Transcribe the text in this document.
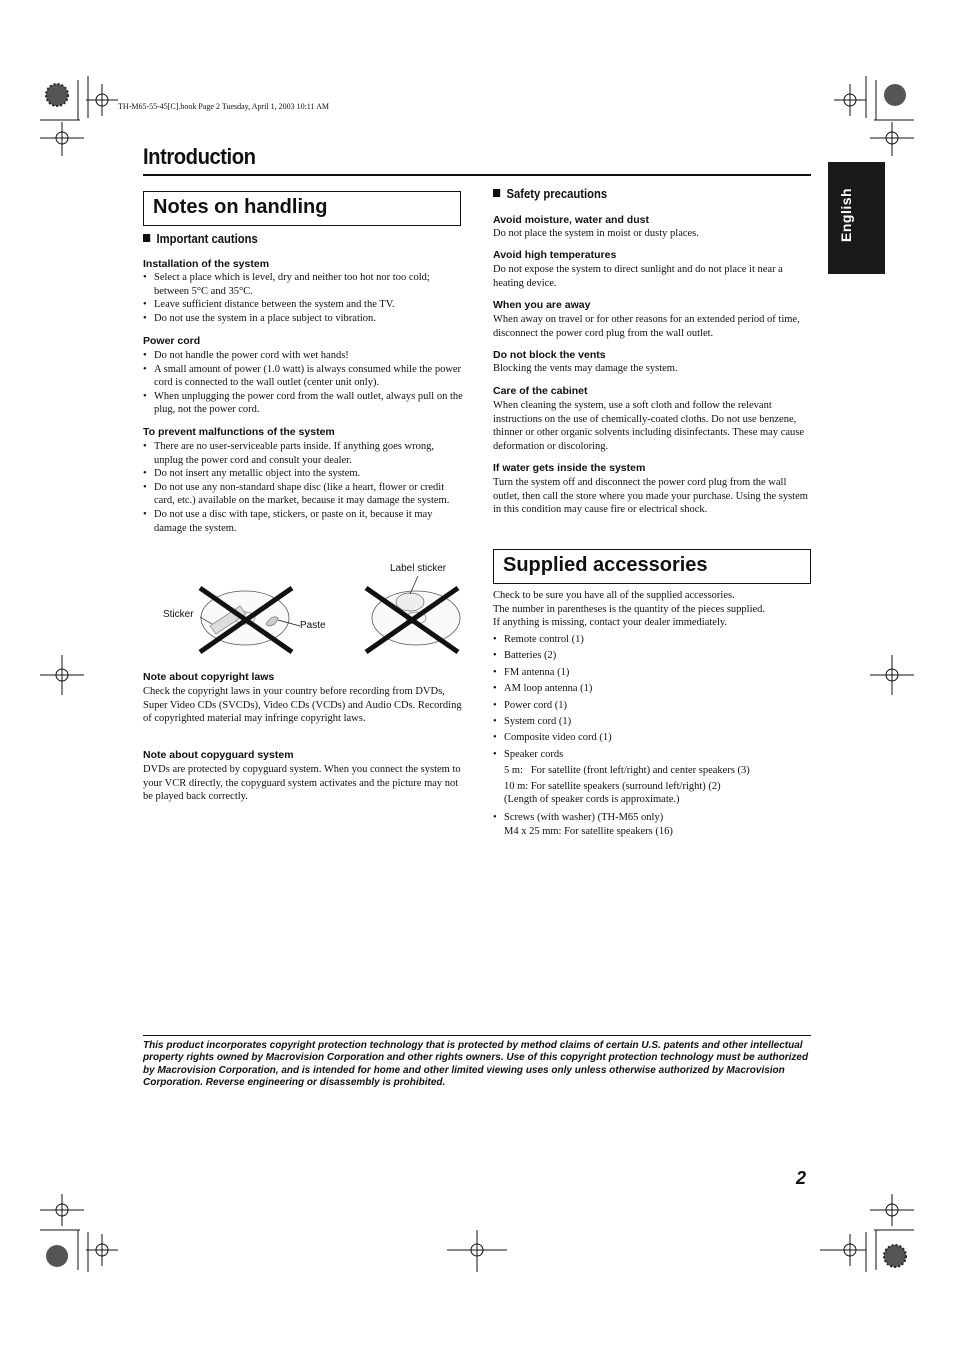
TH-M65-55-45[C].book Page 2 Tuesday, April 1, 2003 10:11 AM
Introduction
English
Notes on handling
Important cautions
Installation of the system
• Select a place which is level, dry and neither too hot nor too cold; between 5°C and 35°C.
• Leave sufficient distance between the system and the TV.
• Do not use the system in a place subject to vibration.
Power cord
• Do not handle the power cord with wet hands!
• A small amount of power (1.0 watt) is always consumed while the power cord is connected to the wall outlet (center unit only).
• When unplugging the power cord from the wall outlet, always pull on the plug, not the power cord.
To prevent malfunctions of the system
• There are no user-serviceable parts inside. If anything goes wrong, unplug the power cord and consult your dealer.
• Do not insert any metallic object into the system.
• Do not use any non-standard shape disc (like a heart, flower or credit card, etc.) available on the market, because it may damage the system.
• Do not use a disc with tape, stickers, or paste on it, because it may damage the system.
Sticker
Paste
Label sticker
Note about copyright laws
Check the copyright laws in your country before recording from DVDs, Super Video CDs (SVCDs), Video CDs (VCDs) and Audio CDs. Recording of copyrighted material may infringe copyright laws.
Note about copyguard system
DVDs are protected by copyguard system. When you connect the system to your VCR directly, the copyguard system activates and the picture may not be played back correctly.
Safety precautions
Avoid moisture, water and dust
Do not place the system in moist or dusty places.
Avoid high temperatures
Do not expose the system to direct sunlight and do not place it near a heating device.
When you are away
When away on travel or for other reasons for an extended period of time, disconnect the power cord plug from the wall outlet.
Do not block the vents
Blocking the vents may damage the system.
Care of the cabinet
When cleaning the system, use a soft cloth and follow the relevant instructions on the use of chemically-coated cloths. Do not use benzene, thinner or other organic solvents including disinfectants. These may cause deformation or discoloring.
If water gets inside the system
Turn the system off and disconnect the power cord plug from the wall outlet, then call the store where you made your purchase. Using the system in this condition may cause fire or electrical shock.
Supplied accessories
Check to be sure you have all of the supplied accessories.
The number in parentheses is the quantity of the pieces supplied.
If anything is missing, contact your dealer immediately.
• Remote control (1)
• Batteries (2)
• FM antenna (1)
• AM loop antenna (1)
• Power cord (1)
• System cord (1)
• Composite video cord (1)
• Speaker cords
5 m:   For satellite (front left/right) and center speakers (3)
10 m: For satellite speakers (surround left/right) (2)
(Length of speaker cords is approximate.)
• Screws (with washer) (TH-M65 only)
M4 x 25 mm: For satellite speakers (16)
This product incorporates copyright protection technology that is protected by method claims of certain U.S. patents and other intellectual property rights owned by Macrovision Corporation and other rights owners. Use of this copyright protection technology must be authorized by Macrovision Corporation, and is intended for home and other limited viewing uses only unless otherwise authorized by Macrovision Corporation. Reverse engineering or disassembly is prohibited.
2
